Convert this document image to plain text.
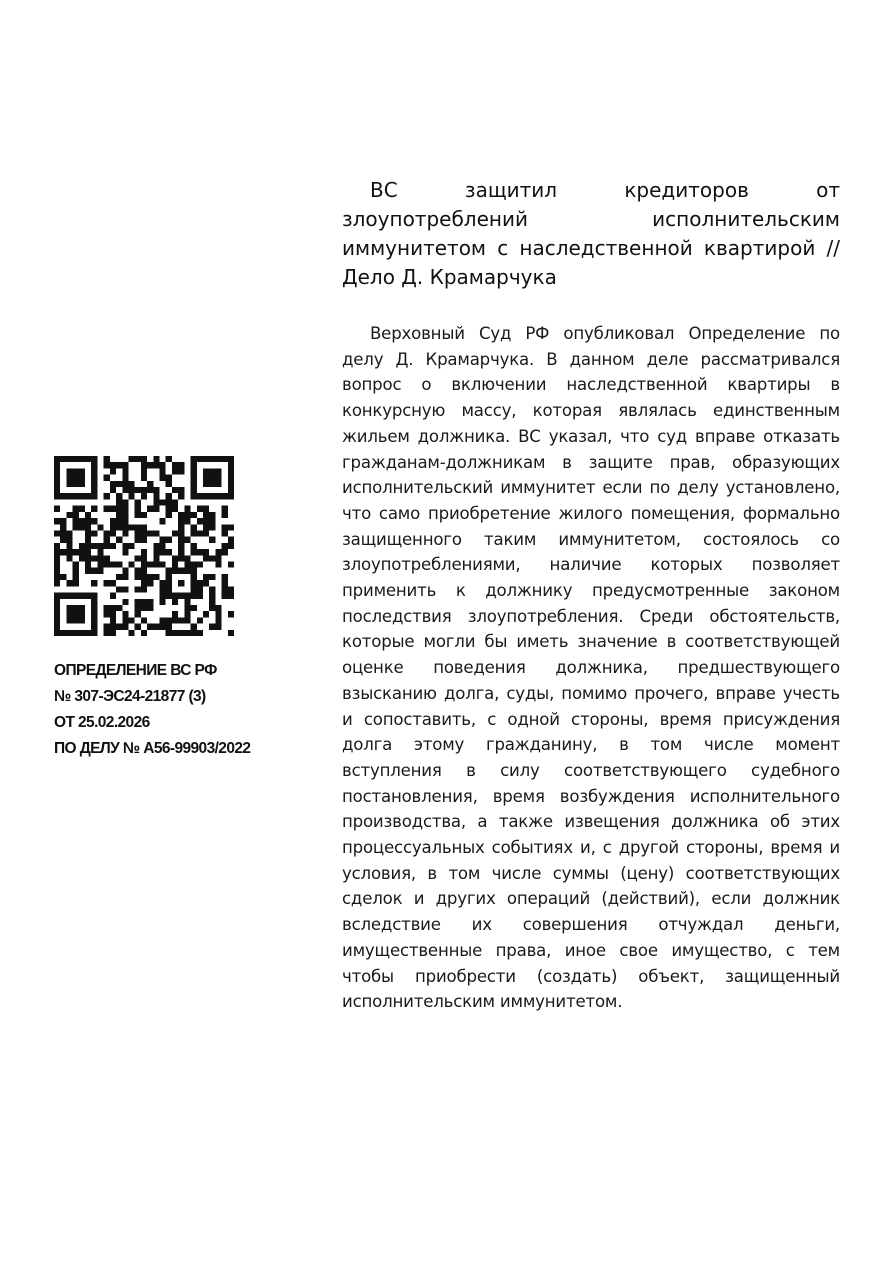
ОПРЕДЕЛЕНИЕ ВС РФ
№ 307-ЭС24-21877 (3)
ОТ 25.02.2026
ПО ДЕЛУ № А56-99903/2022
ВС защитил кредиторов от злоупотреблений исполнительским иммунитетом с наследственной квартирой // Дело Д. Крамарчука

Верховный Суд РФ опубликовал Определение по делу Д. Крамарчука. В данном деле рассматривался вопрос о включении наследственной квартиры в конкурсную массу, которая являлась единственным жильем должника. ВС указал, что суд вправе отказать гражданам-должникам в защите прав, образующих исполнительский иммунитет если по делу установлено, что само приобретение жилого помещения, формально защищенного таким иммунитетом, состоялось со злоупотреблениями, наличие которых позволяет применить к должнику предусмотренные законом последствия злоупотребления. Среди обстоятельств, которые могли бы иметь значение в соответствующей оценке поведения должника, предшествующего взысканию долга, суды, помимо прочего, вправе учесть и сопоставить, с одной стороны, время присуждения долга этому гражданину, в том числе момент вступления в силу соответствующего судебного постановления, время возбуждения исполнительного производства, а также извещения должника об этих процессуальных событиях и, с другой стороны, время и условия, в том числе суммы (цену) соответствующих сделок и других операций (действий), если должник вследствие их совершения отчуждал деньги, имущественные права, иное свое имущество, с тем чтобы приобрести (создать) объект, защищенный исполнительским иммунитетом.
